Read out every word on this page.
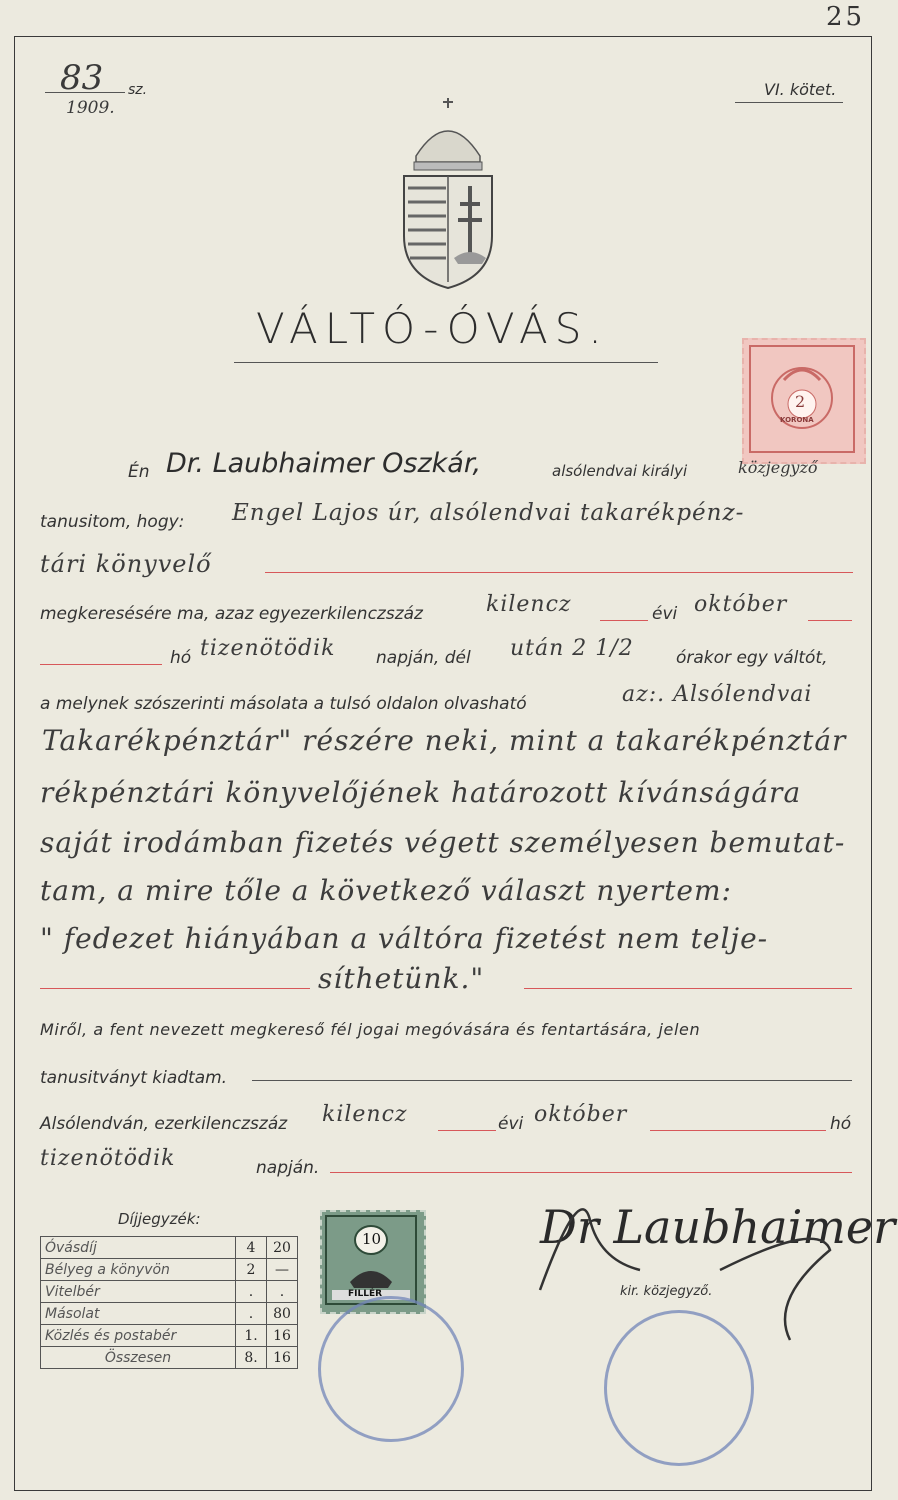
25
83 sz.
1909.
VI. kötet.
VÁLTÓ-ÓVÁS.
2
KORONA
Én Dr. Laubhaimer Oszkár,	alsólendvai királyi	közjegyző
tanusitom, hogy: Engel Lajos úr, alsólendvai takarékpénz-
tári könyvelő
megkeresésére ma, azaz egyezerkilenczszáz	kilencz	évi október
hó tizenötödik napján, dél után 2 1/2 órakor egy váltót,
a melynek szószerinti másolata a tulsó oldalon olvasható	az:. Alsólendvai
Takarékpénztár" részére neki, mint a takarékpénztár
rékpénztári könyvelőjének határozott kívánságára
saját irodámban fizetés végett személyesen bemutat-
tam, a mire tőle a következő választ nyertem:
" fedezet hiányában a váltóra fizetést nem telje-
síthetünk."
Miről, a fent nevezett megkereső fél jogai megóvására és fentartására, jelen
tanusitványt kiadtam.
Alsólendván, ezerkilenczszáz kilencz	évi október	hó
tizenötödik	napján.
Díjjegyzék:
Óvásdíj	4	20
Bélyeg a könyvön	2	—
Vitelbér	.	.
Másolat	.	80
Közlés és postabér	1.	16
Összesen	8.	16
10
FILLÉR
Dr Laubhaimer
kir. közjegyző.
